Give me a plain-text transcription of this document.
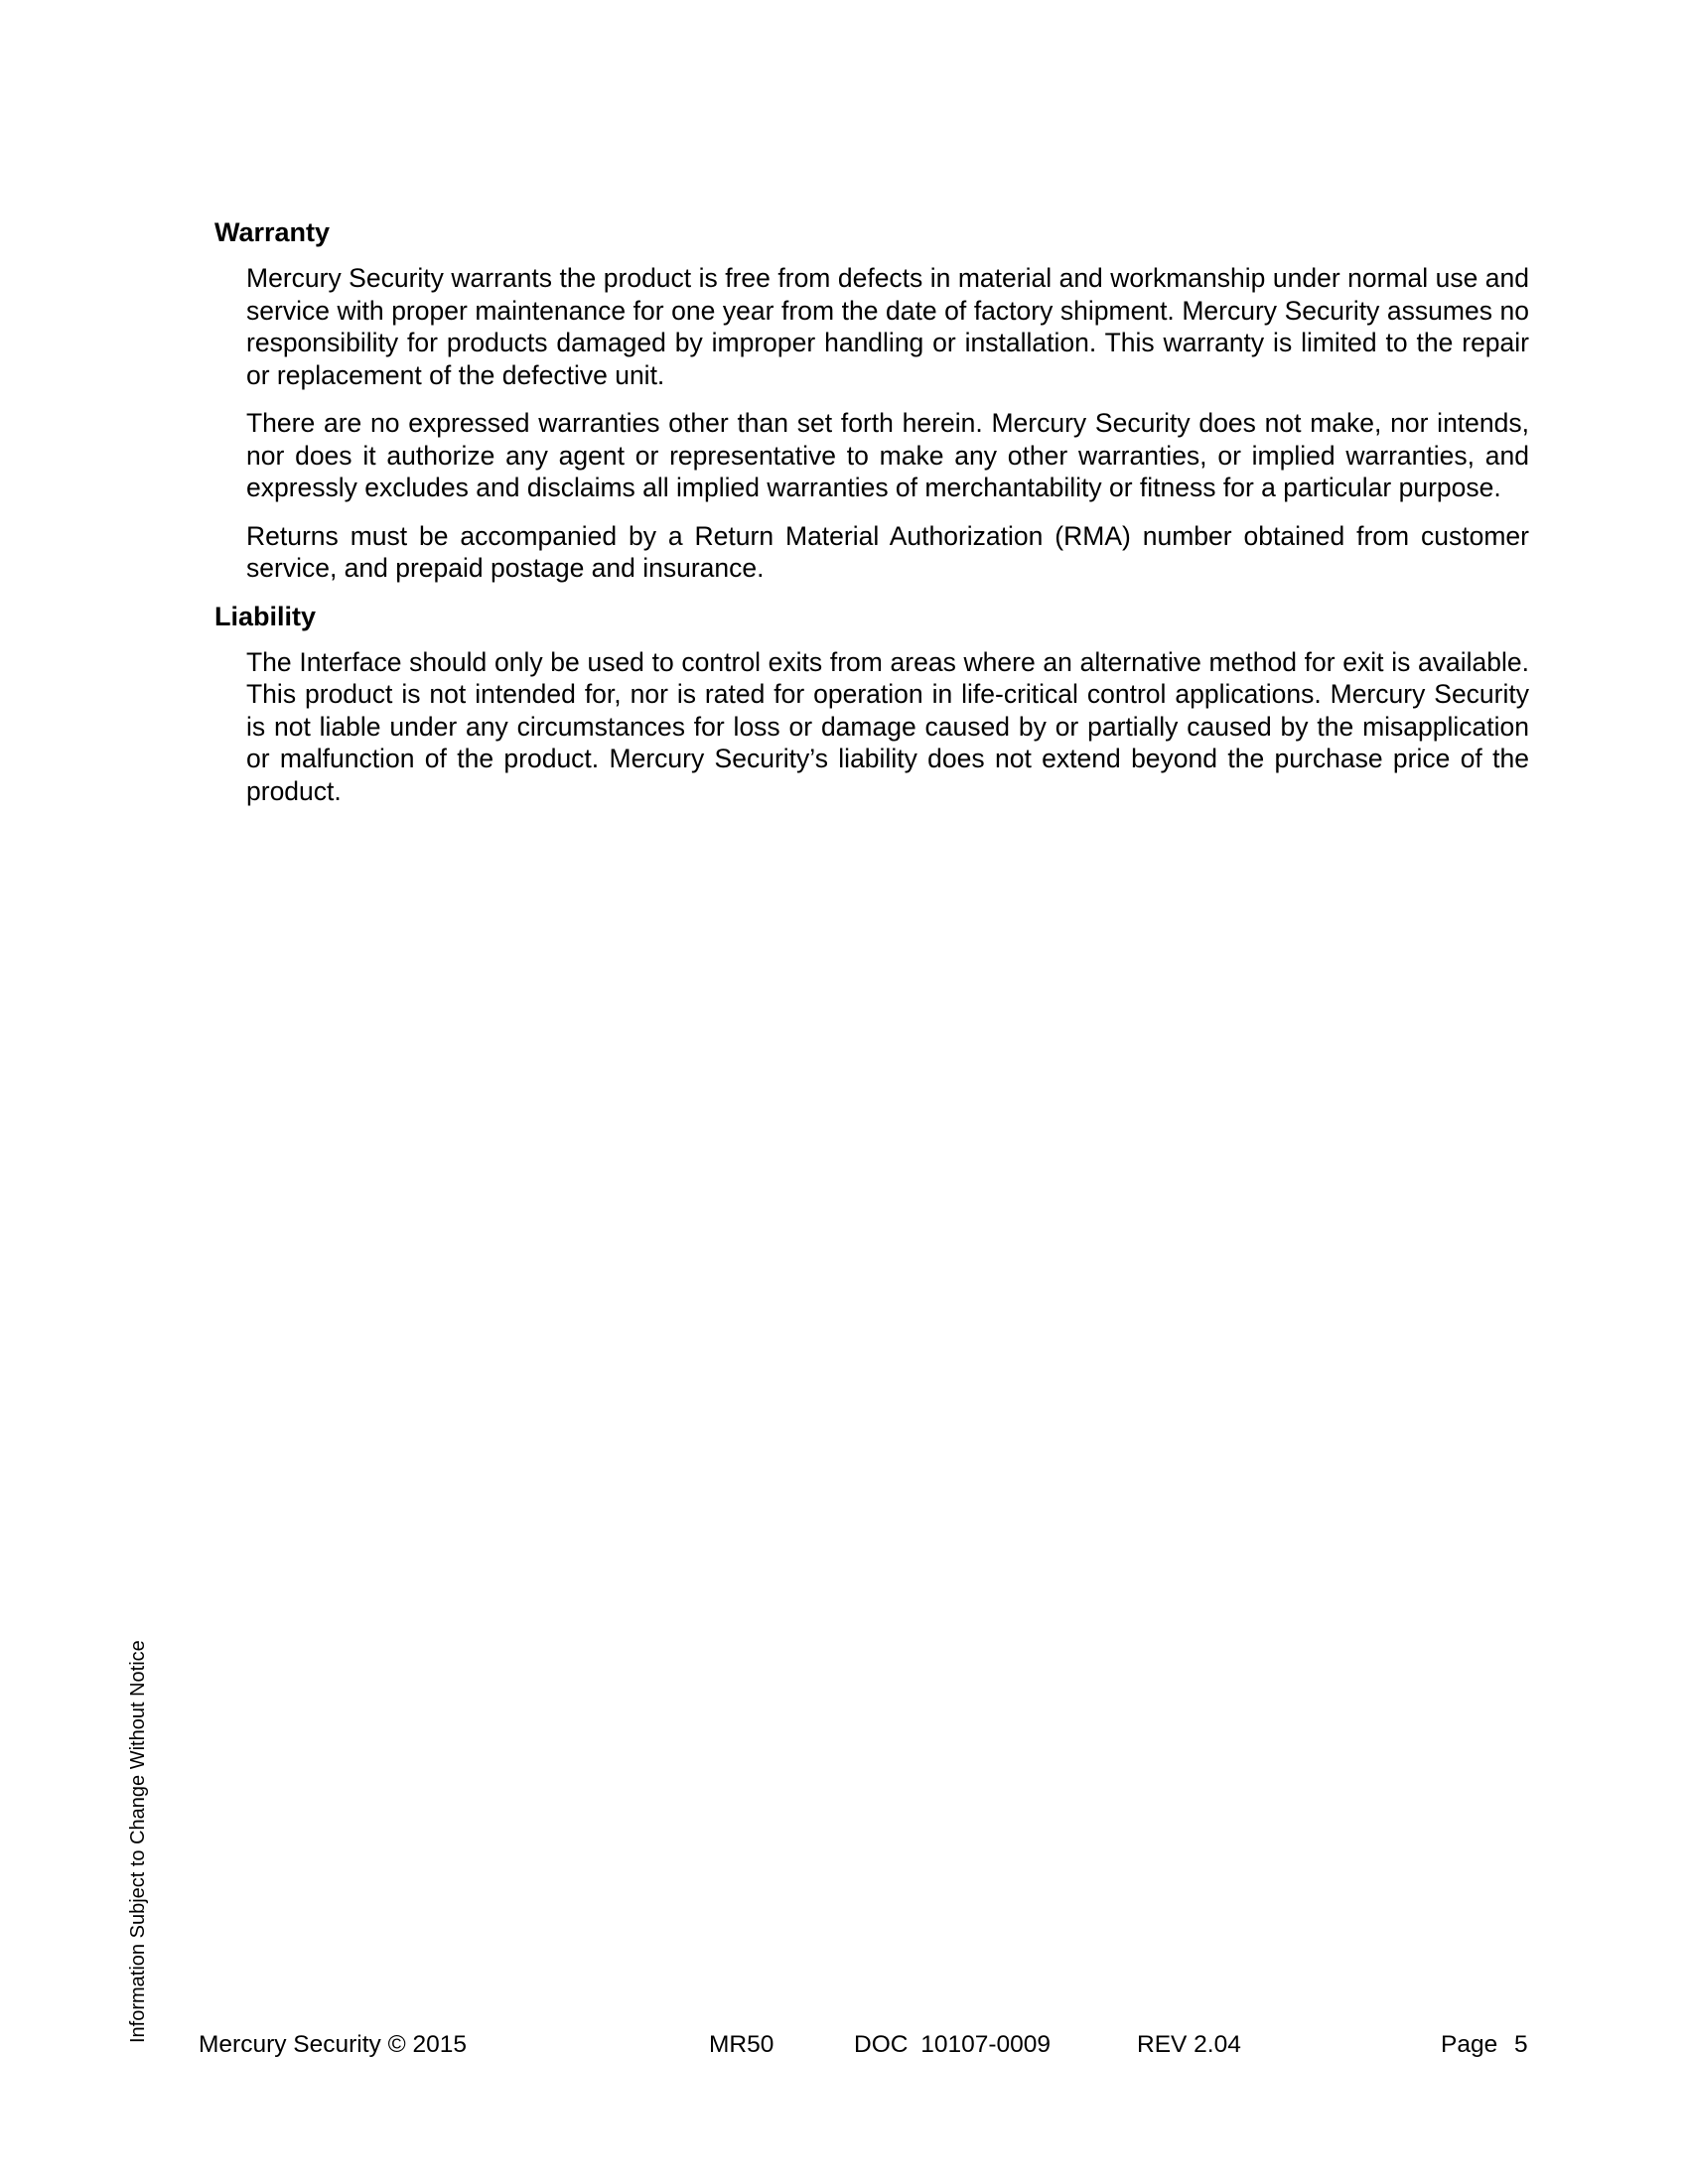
Warranty

Mercury Security warrants the product is free from defects in material and workmanship under normal use and service with proper maintenance for one year from the date of factory shipment. Mercury Security assumes no responsibility for products damaged by improper handling or installation. This warranty is limited to the repair or replacement of the defective unit.

There are no expressed warranties other than set forth herein. Mercury Security does not make, nor intends, nor does it authorize any agent or representative to make any other warranties, or implied warranties, and expressly excludes and disclaims all implied warranties of merchantability or fitness for a particular purpose.

Returns must be accompanied by a Return Material Authorization (RMA) number obtained from customer service, and prepaid postage and insurance.

Liability

The Interface should only be used to control exits from areas where an alternative method for exit is available. This product is not intended for, nor is rated for operation in life-critical control applications. Mercury Security is not liable under any circumstances for loss or damage caused by or partially caused by the misapplication or malfunction of the product. Mercury Security’s liability does not extend beyond the purchase price of the product.

Information Subject to Change Without Notice
Mercury Security © 2015	MR50	DOC 10107-0009	REV 2.04	Page 5
